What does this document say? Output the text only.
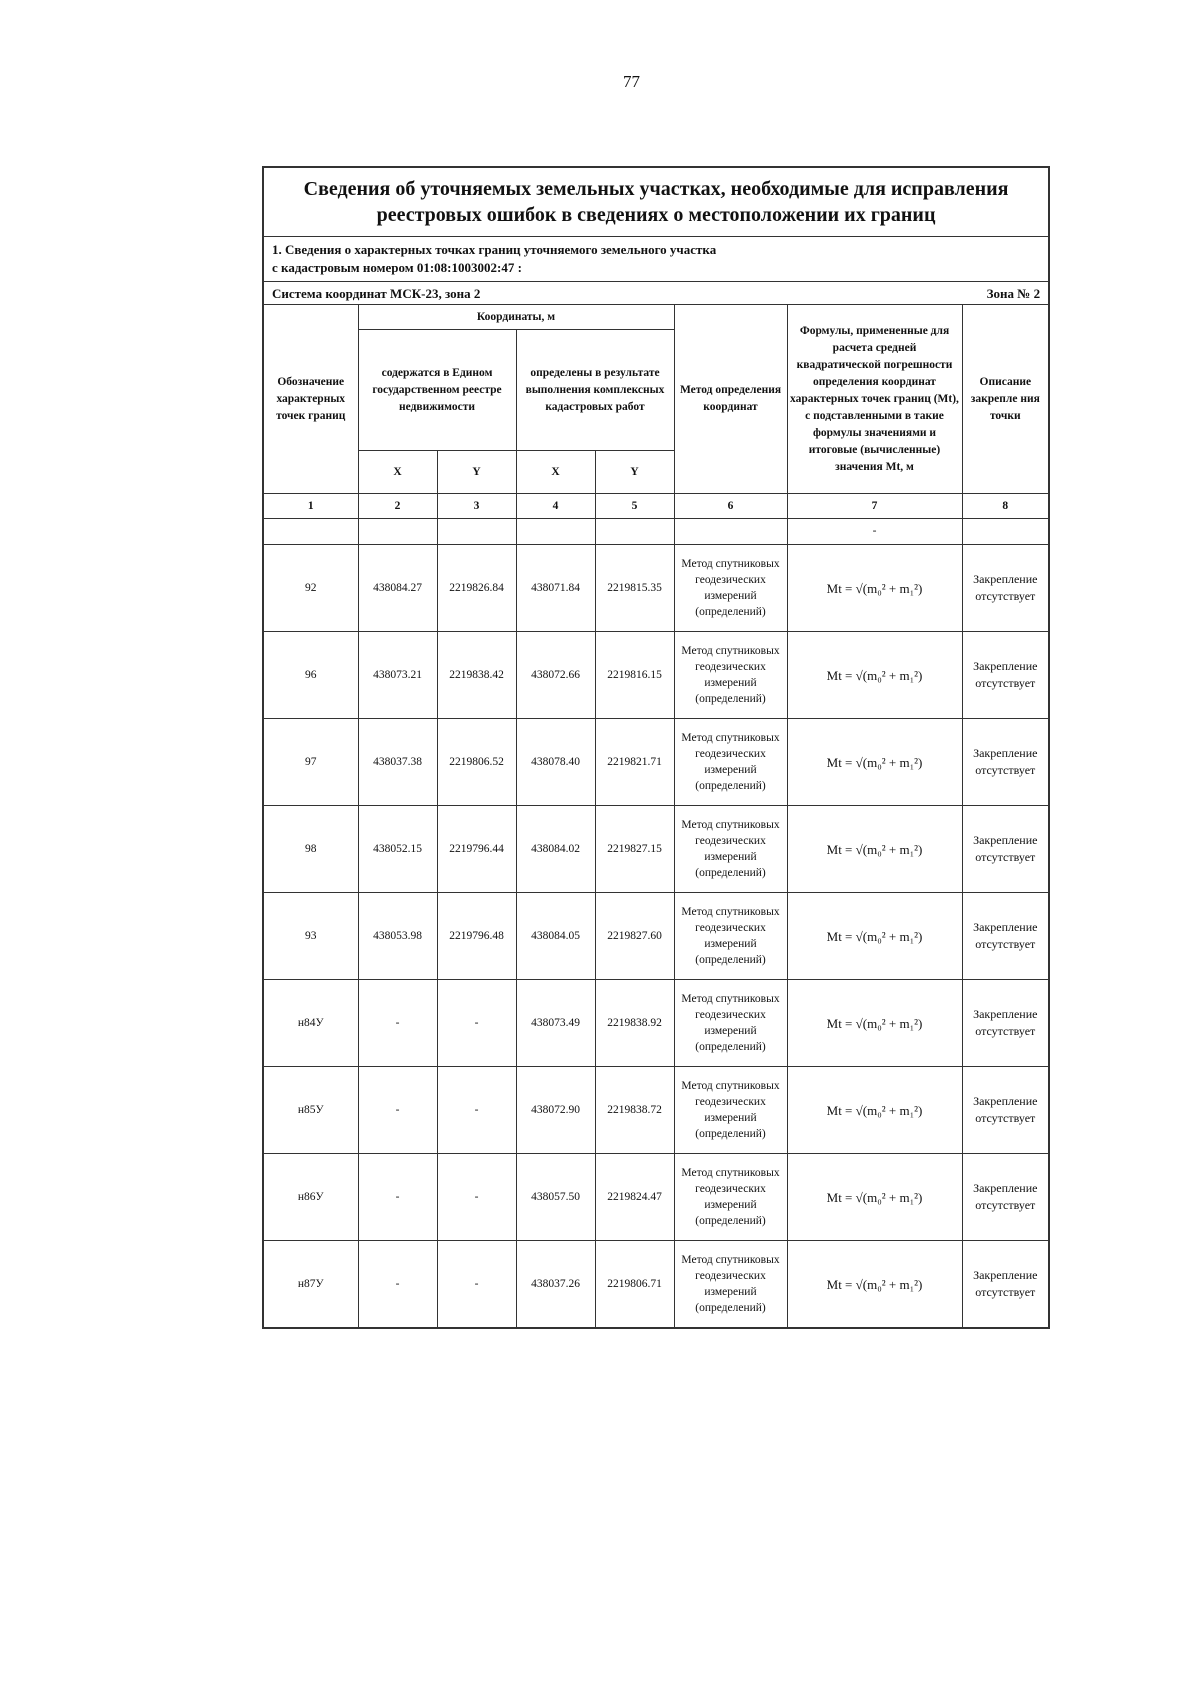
77
Сведения об уточняемых земельных участках, необходимые для исправления реестровых ошибок в сведениях о местоположении их границ							

1. Сведения о характерных точках границ уточняемого земельного участка
с кадастровым номером 01:08:1003002:47 :							

Система координат МСК-23, зона 2 Зона № 2							

Обозначение характерных точек границ	Координаты, м				Метод определения координат	Формулы, примененные для расчета средней квадратической погрешности определения координат характерных точек границ (Mt), с подставленными в такие формулы значениями и итоговые (вычисленные) значения Mt, м	Описание закрепле ния точки
	содержатся в Едином государственном реестре недвижимости		определены в результате выполнения комплексных кадастровых работ				
	X	Y	X	Y			
1	2	3	4	5	6	7	8
						-	
92	438084.27	2219826.84	438071.84	2219815.35	Метод спутниковых геодезических измерений (определений)	Mt = √(m₀² + m₁²)	Закрепление отсутствует
96	438073.21	2219838.42	438072.66	2219816.15	Метод спутниковых геодезических измерений (определений)	Mt = √(m₀² + m₁²)	Закрепление отсутствует
97	438037.38	2219806.52	438078.40	2219821.71	Метод спутниковых геодезических измерений (определений)	Mt = √(m₀² + m₁²)	Закрепление отсутствует
98	438052.15	2219796.44	438084.02	2219827.15	Метод спутниковых геодезических измерений (определений)	Mt = √(m₀² + m₁²)	Закрепление отсутствует
93	438053.98	2219796.48	438084.05	2219827.60	Метод спутниковых геодезических измерений (определений)	Mt = √(m₀² + m₁²)	Закрепление отсутствует
н84У	-	-	438073.49	2219838.92	Метод спутниковых геодезических измерений (определений)	Mt = √(m₀² + m₁²)	Закрепление отсутствует
н85У	-	-	438072.90	2219838.72	Метод спутниковых геодезических измерений (определений)	Mt = √(m₀² + m₁²)	Закрепление отсутствует
н86У	-	-	438057.50	2219824.47	Метод спутниковых геодезических измерений (определений)	Mt = √(m₀² + m₁²)	Закрепление отсутствует
н87У	-	-	438037.26	2219806.71	Метод спутниковых геодезических измерений (определений)	Mt = √(m₀² + m₁²)	Закрепление отсутствует
